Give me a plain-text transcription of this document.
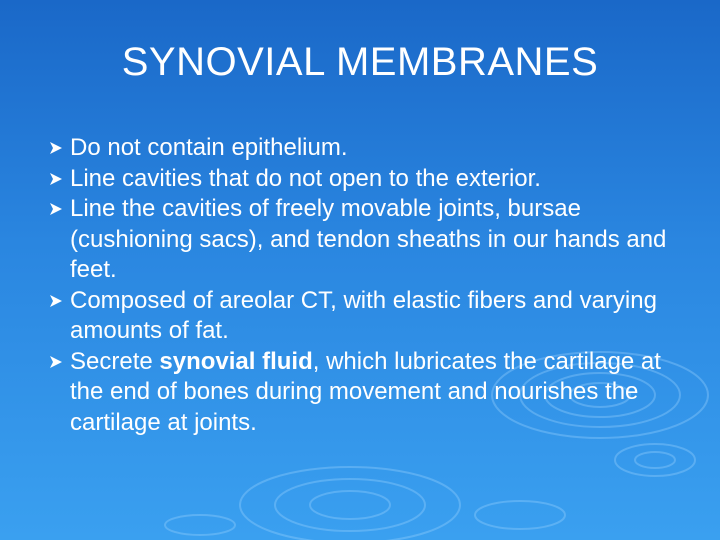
SYNOVIAL MEMBRANES
Do not contain epithelium.
Line cavities that do not open to the exterior.
Line the cavities of freely movable joints, bursae (cushioning sacs), and tendon sheaths in our hands and feet.
Composed of areolar CT, with elastic fibers and varying amounts of fat.
Secrete synovial fluid, which lubricates the cartilage at the end of bones during movement and nourishes the cartilage at joints.
